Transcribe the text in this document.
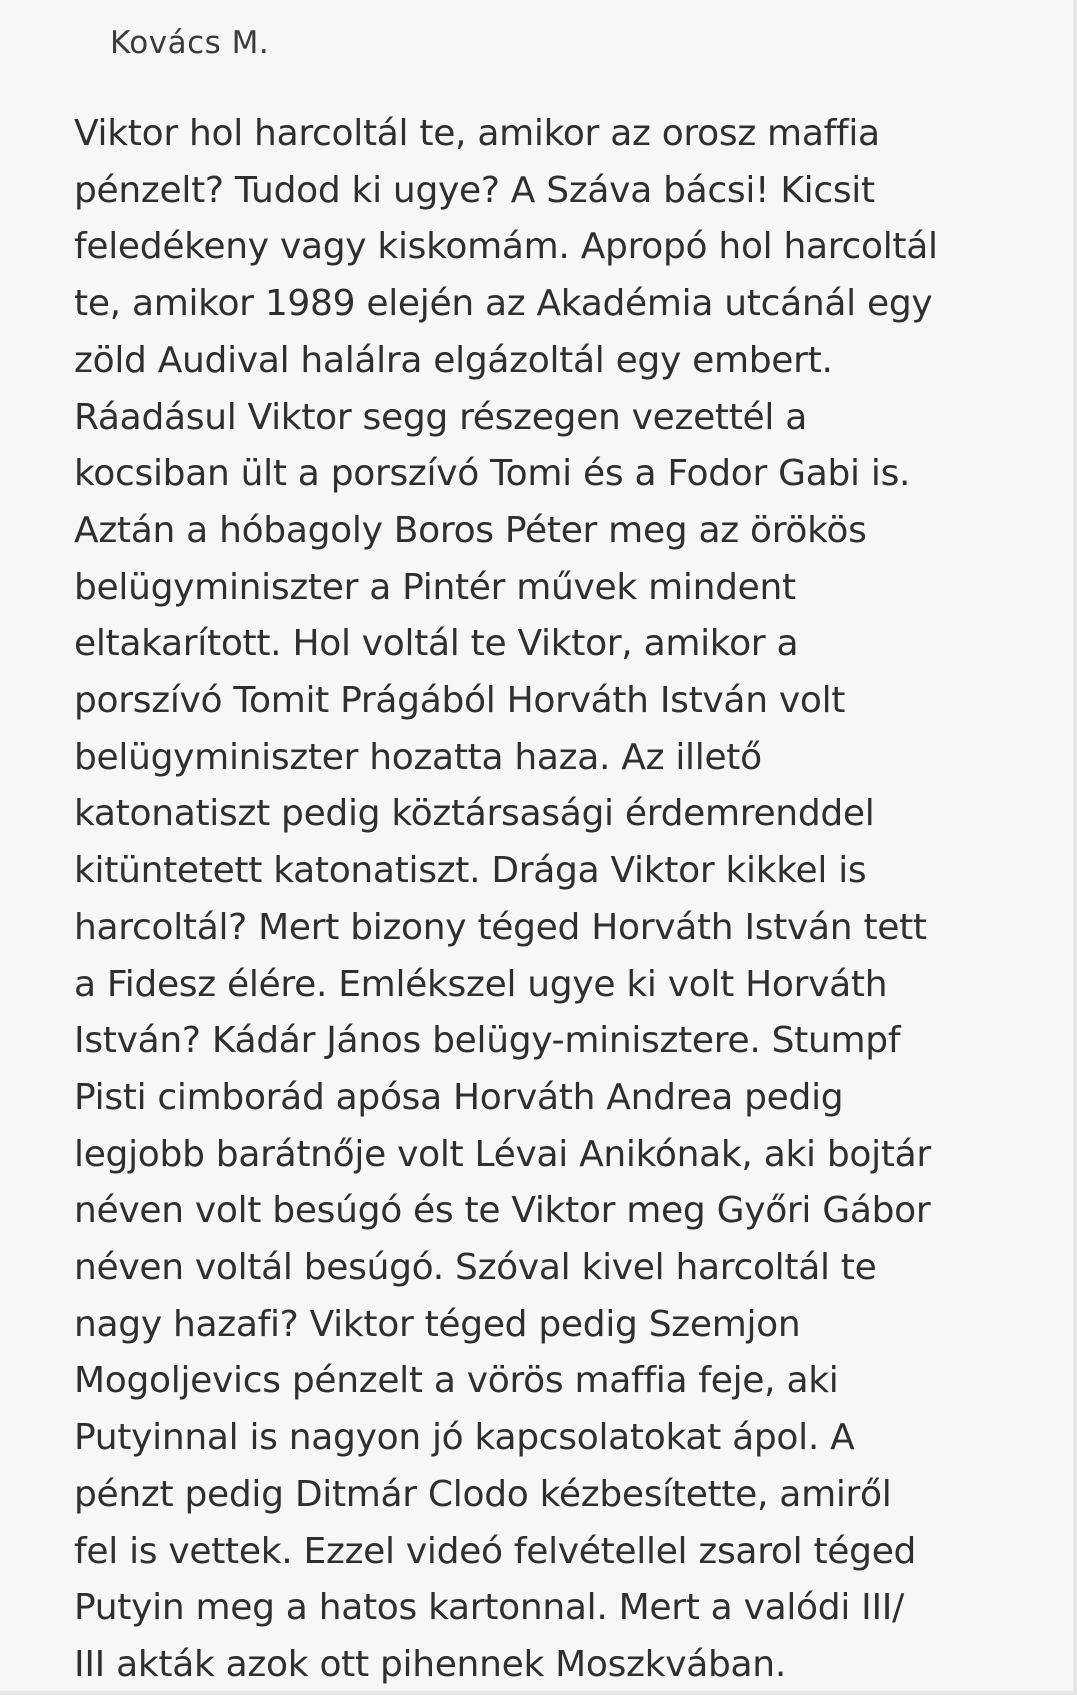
Kovács M.
Viktor hol harcoltál te, amikor az orosz maffia
pénzelt? Tudod ki ugye? A Száva bácsi! Kicsit
feledékeny vagy kiskomám. Apropó hol harcoltál
te, amikor 1989 elején az Akadémia utcánál egy
zöld Audival halálra elgázoltál egy embert.
Ráadásul Viktor segg részegen vezettél a
kocsiban ült a porszívó Tomi és a Fodor Gabi is.
Aztán a hóbagoly Boros Péter meg az örökös
belügyminiszter a Pintér művek mindent
eltakarított. Hol voltál te Viktor, amikor a
porszívó Tomit Prágából Horváth István volt
belügyminiszter hozatta haza. Az illető
katonatiszt pedig köztársasági érdemrenddel
kitüntetett katonatiszt. Drága Viktor kikkel is
harcoltál? Mert bizony téged Horváth István tett
a Fidesz élére. Emlékszel ugye ki volt Horváth
István? Kádár János belügy-minisztere. Stumpf
Pisti cimborád apósa Horváth Andrea pedig
legjobb barátnője volt Lévai Anikónak, aki bojtár
néven volt besúgó és te Viktor meg Győri Gábor
néven voltál besúgó. Szóval kivel harcoltál te
nagy hazafi? Viktor téged pedig Szemjon
Mogoljevics pénzelt a vörös maffia feje, aki
Putyinnal is nagyon jó kapcsolatokat ápol. A
pénzt pedig Ditmár Clodo kézbesítette, amiről
fel is vettek. Ezzel videó felvétellel zsarol téged
Putyin meg a hatos kartonnal. Mert a valódi III/
III akták azok ott pihennek Moszkvában.
